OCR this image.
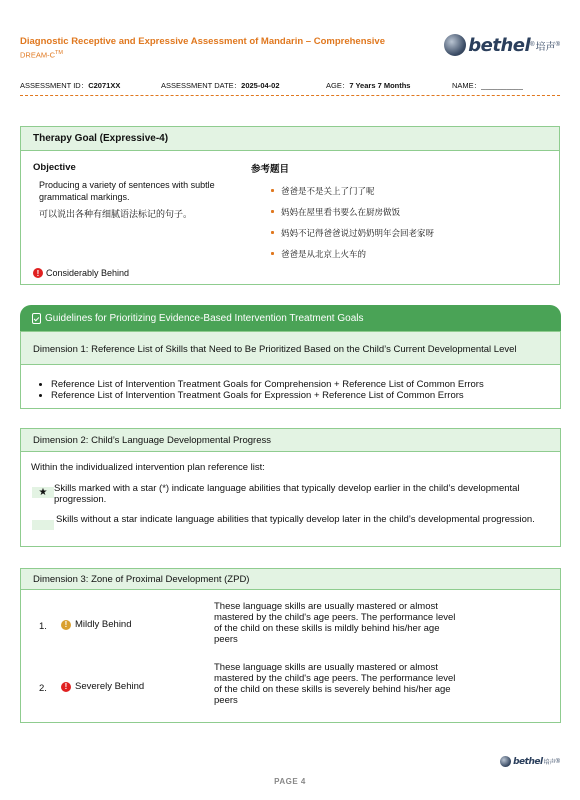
Diagnostic Receptive and Expressive Assessment of Mandarin – Comprehensive
DREAM-C™	bethel ® 培声 ®
ASSESSMENT ID：C2071XX	ASSESSMENT DATE：2025-04-02	AGE：7 Years 7 Months	NAME：__________
Therapy Goal (Expressive-4)
Objective
Producing a variety of sentences with subtle grammatical markings.
可以说出各种有细腻语法标记的句子。
参考题目
爸爸是不是关上了门了呢
妈妈在屋里看书要么在厨房做饭
妈妈不记得爸爸说过奶奶明年会回老家呀
爸爸是从北京上火车的
! Considerably Behind
Guidelines for Prioritizing Evidence-Based Intervention Treatment Goals
Dimension 1: Reference List of Skills that Need to Be Prioritized Based on the Child’s Current Developmental Level
• Reference List of Intervention Treatment Goals for Comprehension + Reference List of Common Errors
• Reference List of Intervention Treatment Goals for Expression + Reference List of Common Errors
Dimension 2: Child’s Language Developmental Progress
Within the individualized intervention plan reference list:
★ Skills marked with a star (*) indicate language abilities that typically develop earlier in the child’s developmental progression.
Skills without a star indicate language abilities that typically develop later in the child’s developmental progression.
Dimension 3: Zone of Proximal Development (ZPD)
1.	! Mildly Behind
These language skills are usually mastered or almost mastered by the child's age peers. The performance level of the child on these skills is mildly behind his/her age peers
2.	! Severely Behind
These language skills are usually mastered or almost mastered by the child's age peers. The performance level of the child on these skills is severely behind his/her age peers
bethel 培声 ®
PAGE 4
